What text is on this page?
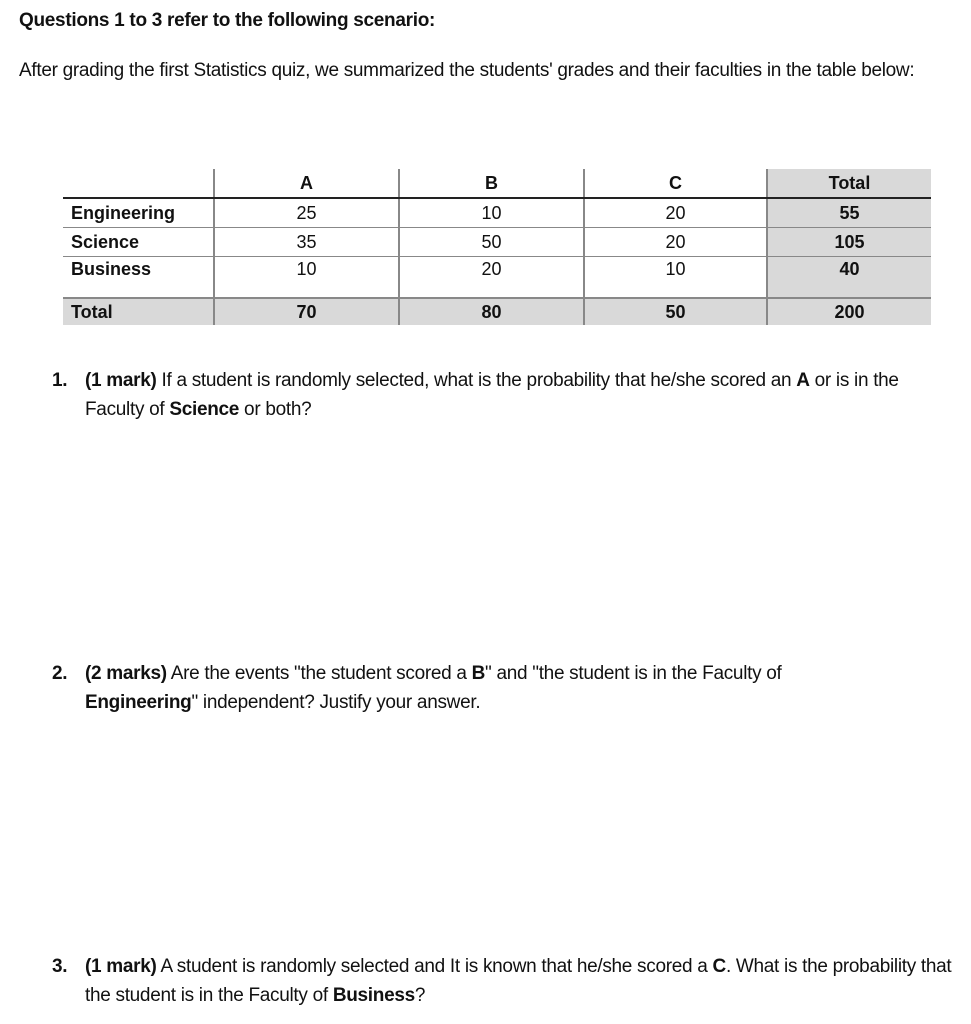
Questions 1 to 3 refer to the following scenario:
After grading the first Statistics quiz, we summarized the students' grades and their faculties in the table below:
	A	B	C	Total
Engineering	25	10	20	55
Science	35	50	20	105
Business	10	20	10	40
Total	70	80	50	200
1. (1 mark) If a student is randomly selected, what is the probability that he/she scored an A or is in the Faculty of Science or both?
2. (2 marks) Are the events "the student scored a B" and "the student is in the Faculty of
Engineering" independent? Justify your answer.
3. (1 mark) A student is randomly selected and It is known that he/she scored a C. What is the probability that the student is in the Faculty of Business?
